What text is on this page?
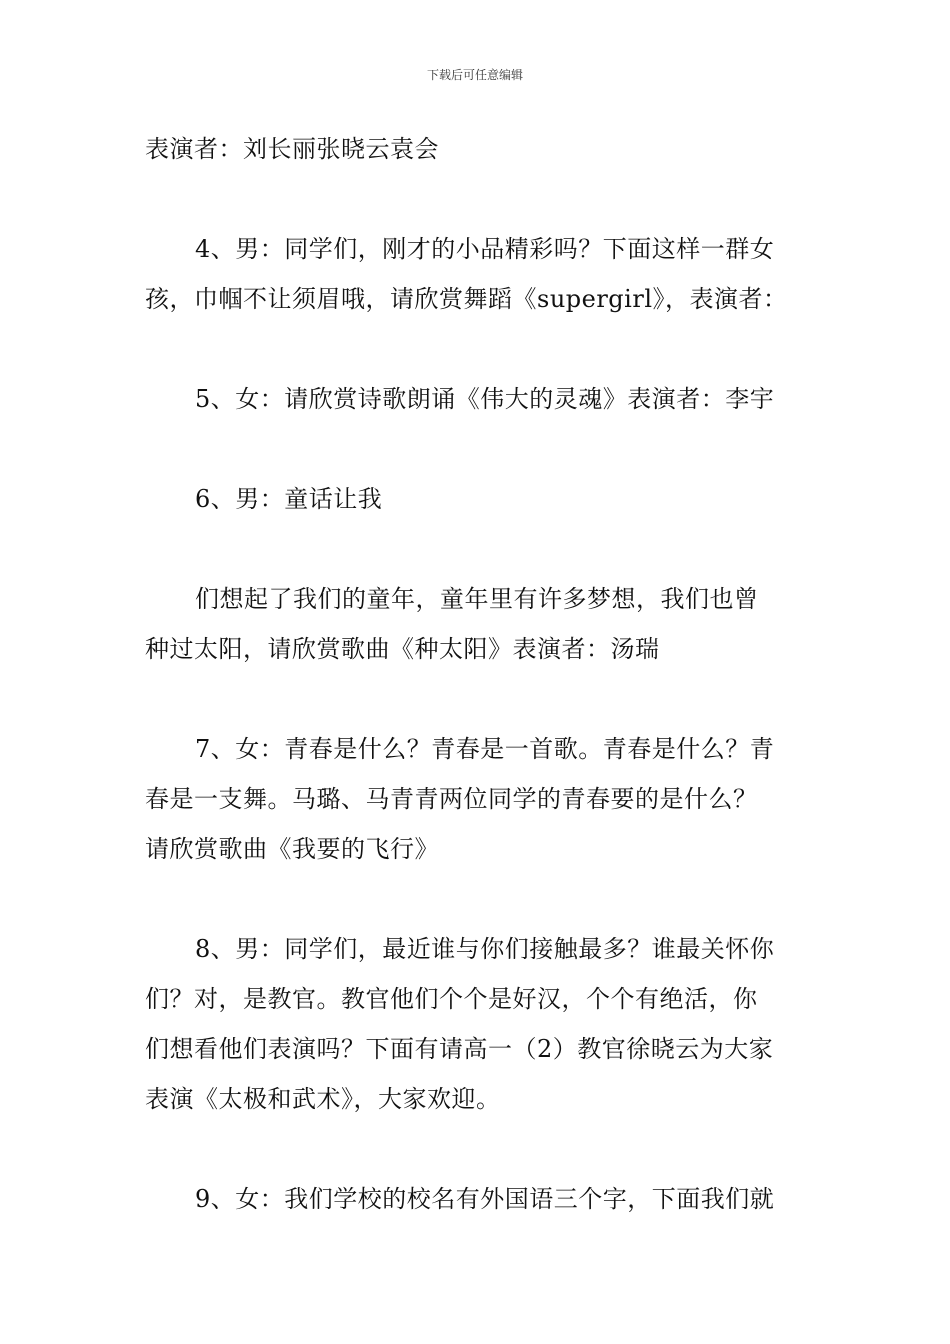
下载后可任意编辑
表演者：刘长丽张晓云袁会
4、男：同学们，刚才的小品精彩吗？下面这样一群女
孩，巾帼不让须眉哦，请欣赏舞蹈《supergirl》，表演者：
5、女：请欣赏诗歌朗诵《伟大的灵魂》表演者：李宇
6、男：童话让我
们想起了我们的童年，童年里有许多梦想，我们也曾
种过太阳，请欣赏歌曲《种太阳》表演者：汤瑞
7、女：青春是什么？青春是一首歌。青春是什么？青
春是一支舞。马璐、马青青两位同学的青春要的是什么？
请欣赏歌曲《我要的飞行》
8、男：同学们，最近谁与你们接触最多？谁最关怀你
们？对，是教官。教官他们个个是好汉，个个有绝活，你
们想看他们表演吗？下面有请高一（2）教官徐晓云为大家
表演《太极和武术》，大家欢迎。
9、女：我们学校的校名有外国语三个字，下面我们就
